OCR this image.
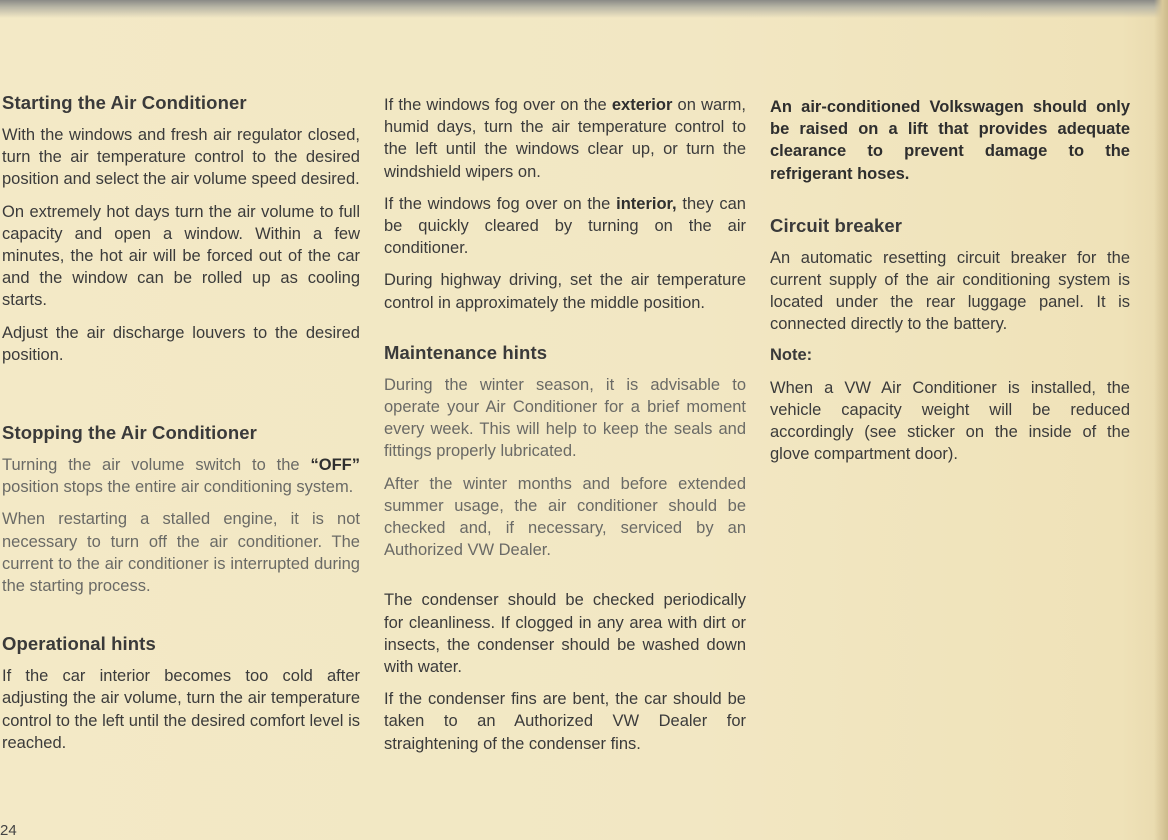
Starting the Air Conditioner

With the windows and fresh air regulator closed, turn the air temperature control to the desired position and select the air volume speed desired.

On extremely hot days turn the air volume to full capacity and open a window. Within a few minutes, the hot air will be forced out of the car and the window can be rolled up as cooling starts.

Adjust the air discharge louvers to the desired position.

Stopping the Air Conditioner

Turning the air volume switch to the “OFF” position stops the entire air conditioning system.

When restarting a stalled engine, it is not necessary to turn off the air conditioner. The current to the air conditioner is interrupted during the starting process.

Operational hints

If the car interior becomes too cold after adjusting the air volume, turn the air temperature control to the left until the desired comfort level is reached.

If the windows fog over on the exterior on warm, humid days, turn the air temperature control to the left until the windows clear up, or turn the windshield wipers on.

If the windows fog over on the interior, they can be quickly cleared by turning on the air conditioner.

During highway driving, set the air temperature control in approximately the middle position.

Maintenance hints

During the winter season, it is advisable to operate your Air Conditioner for a brief moment every week. This will help to keep the seals and fittings properly lubricated.

After the winter months and before extended summer usage, the air conditioner should be checked and, if necessary, serviced by an Authorized VW Dealer.

The condenser should be checked periodically for cleanliness. If clogged in any area with dirt or insects, the condenser should be washed down with water.

If the condenser fins are bent, the car should be taken to an Authorized VW Dealer for straightening of the condenser fins.

An air-conditioned Volkswagen should only be raised on a lift that provides adequate clearance to prevent damage to the refrigerant hoses.
Circuit breaker

An automatic resetting circuit breaker for the current supply of the air conditioning system is located under the rear luggage panel. It is connected directly to the battery.

Note:

When a VW Air Conditioner is installed, the vehicle capacity weight will be reduced accordingly (see sticker on the inside of the glove compartment door).

24
